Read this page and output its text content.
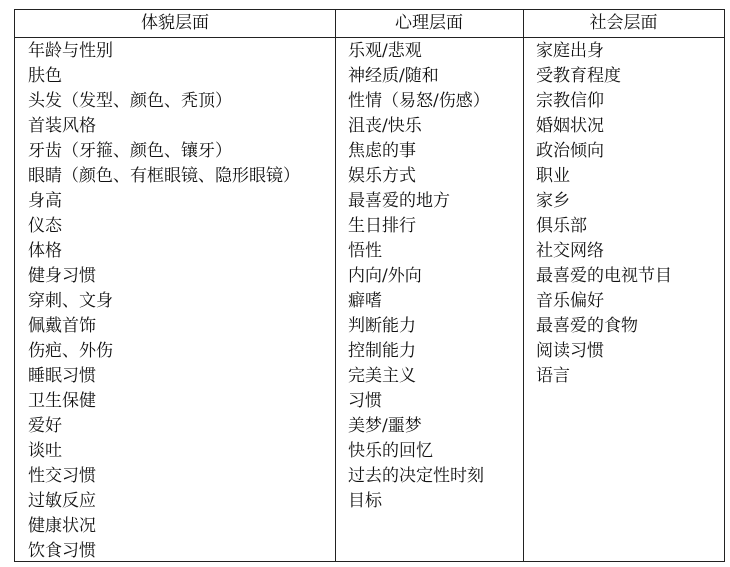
体貌层面	心理层面	社会层面
年龄与性别
肤色
头发（发型、颜色、秃顶）
首装风格
牙齿（牙箍、颜色、镶牙）
眼睛（颜色、有框眼镜、隐形眼镜）
身高
仪态
体格
健身习惯
穿刺、文身
佩戴首饰
伤疤、外伤
睡眠习惯
卫生保健
爱好
谈吐
性交习惯
过敏反应
健康状况
饮食习惯
乐观/悲观
神经质/随和
性情（易怒/伤感）
沮丧/快乐
焦虑的事
娱乐方式
最喜爱的地方
生日排行
悟性
内向/外向
癖嗜
判断能力
控制能力
完美主义
习惯
美梦/噩梦
快乐的回忆
过去的决定性时刻
目标
家庭出身
受教育程度
宗教信仰
婚姻状况
政治倾向
职业
家乡
俱乐部
社交网络
最喜爱的电视节目
音乐偏好
最喜爱的食物
阅读习惯
语言
